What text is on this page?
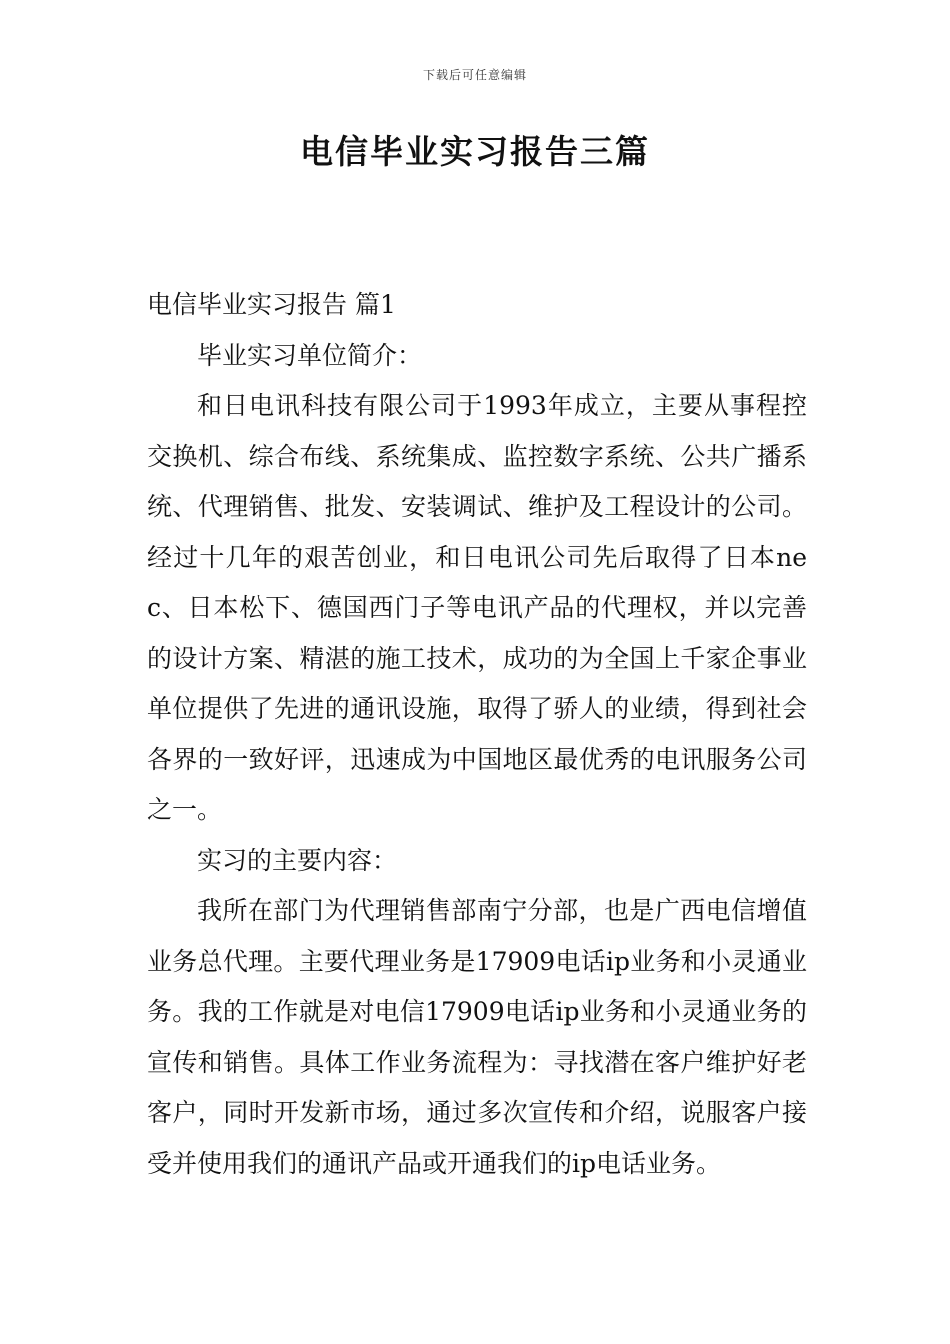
下载后可任意编辑
电信毕业实习报告三篇

电信毕业实习报告 篇1

毕业实习单位简介：

和日电讯科技有限公司于1993年成立，主要从事程控交换机、综合布线、系统集成、监控数字系统、公共广播系统、代理销售、批发、安装调试、维护及工程设计的公司。经过十几年的艰苦创业，和日电讯公司先后取得了日本nec、日本松下、德国西门子等电讯产品的代理权，并以完善的设计方案、精湛的施工技术，成功的为全国上千家企事业单位提供了先进的通讯设施，取得了骄人的业绩，得到社会各界的一致好评，迅速成为中国地区最优秀的电讯服务公司之一。

实习的主要内容：

我所在部门为代理销售部南宁分部，也是广西电信增值业务总代理。主要代理业务是17909电话ip业务和小灵通业务。我的工作就是对电信17909电话ip业务和小灵通业务的宣传和销售。具体工作业务流程为：寻找潜在客户维护好老客户，同时开发新市场，通过多次宣传和介绍，说服客户接受并使用我们的通讯产品或开通我们的ip电话业务。
